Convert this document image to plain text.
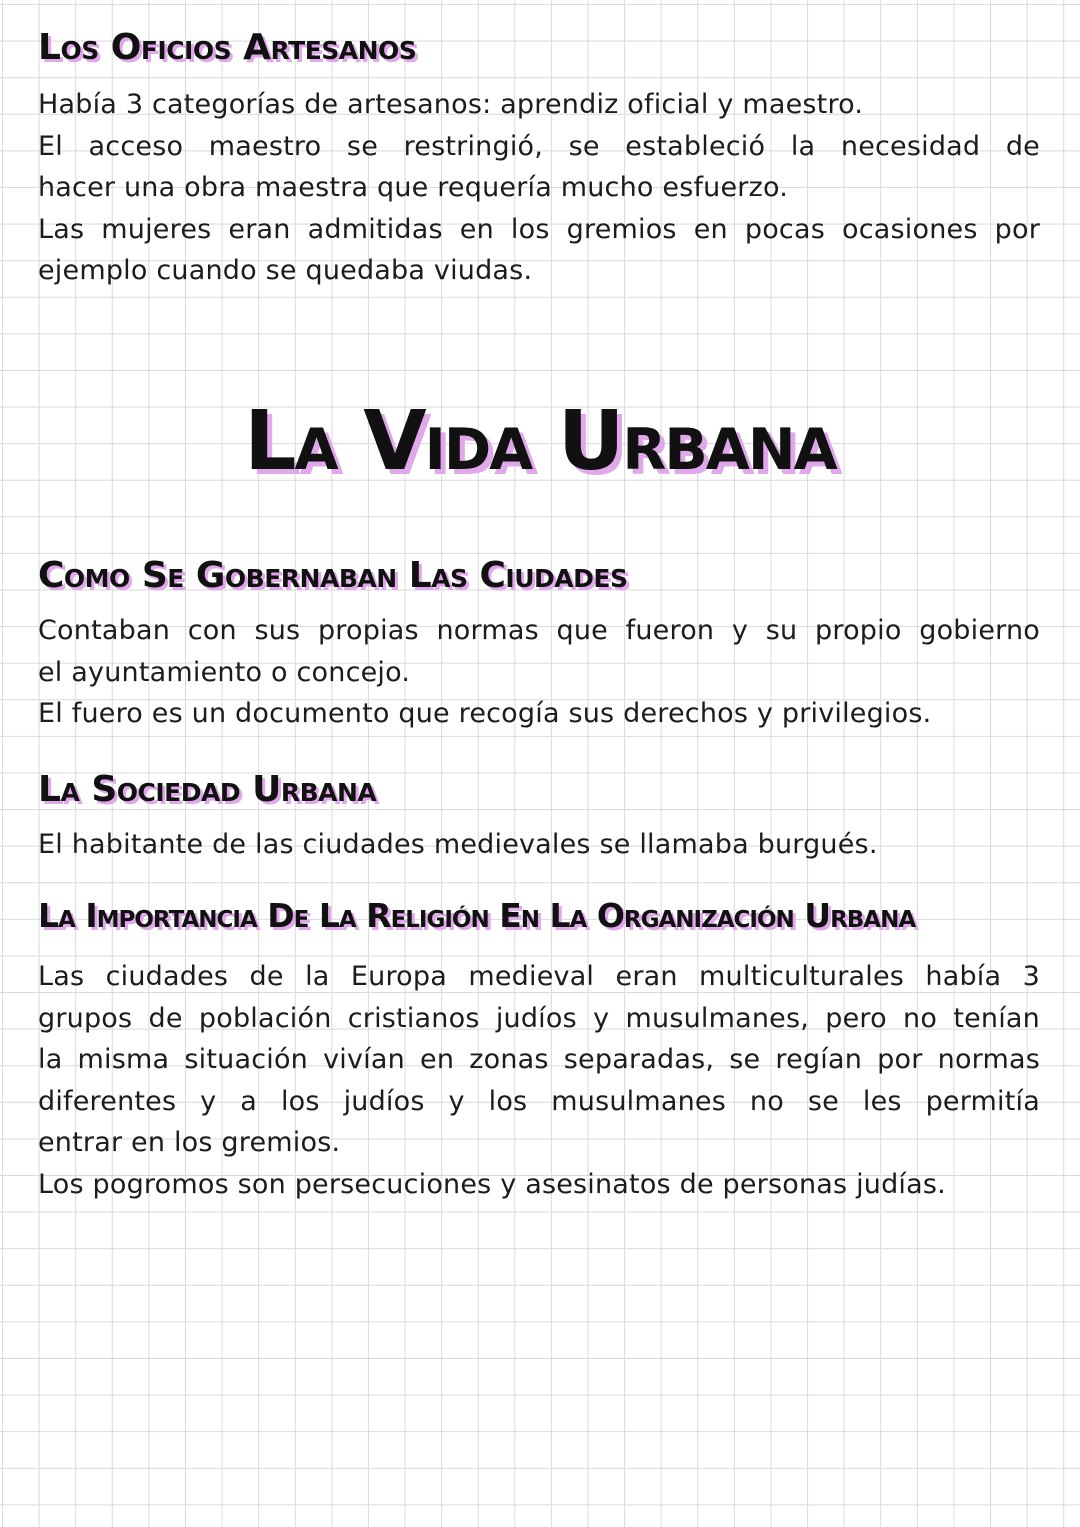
Los Oficios Artesanos
Había 3 categorías de artesanos: aprendiz oficial y maestro.
El acceso maestro se restringió, se estableció la necesidad de
hacer una obra maestra que requería mucho esfuerzo.
Las mujeres eran admitidas en los gremios en pocas ocasiones por
ejemplo cuando se quedaba viudas.
La Vida Urbana
Como Se Gobernaban Las Ciudades
Contaban con sus propias normas que fueron y su propio gobierno
el ayuntamiento o concejo.
El fuero es un documento que recogía sus derechos y privilegios.
La Sociedad Urbana
El habitante de las ciudades medievales se llamaba burgués.
La Importancia De La Religión En La Organización Urbana
Las ciudades de la Europa medieval eran multiculturales había 3
grupos de población cristianos judíos y musulmanes, pero no tenían
la misma situación vivían en zonas separadas, se regían por normas
diferentes y a los judíos y los musulmanes no se les permitía
entrar en los gremios.
Los pogromos son persecuciones y asesinatos de personas judías.
